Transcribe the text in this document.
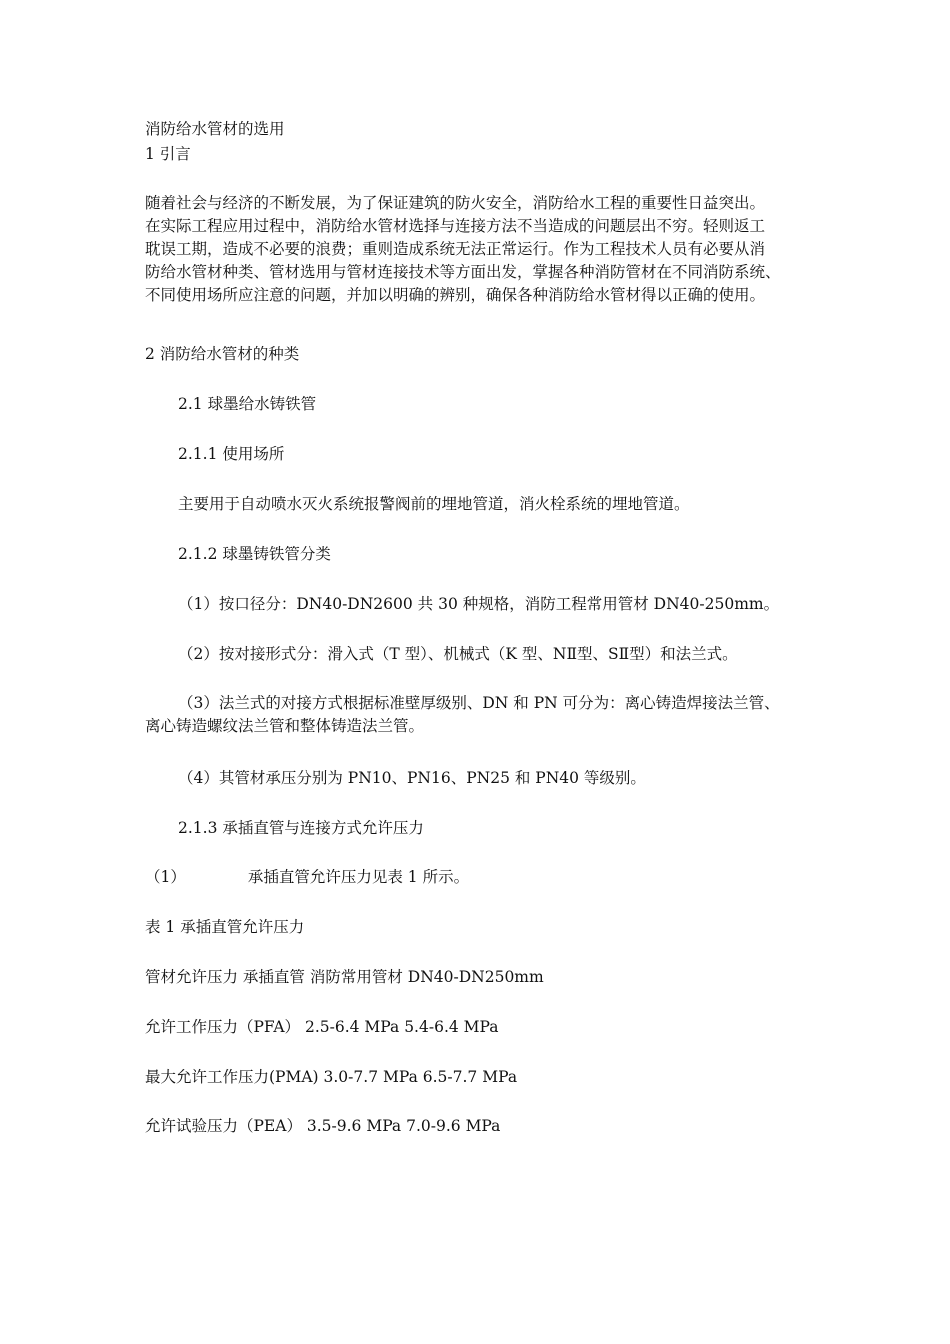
消防给水管材的选用
1 引言
随着社会与经济的不断发展，为了保证建筑的防火安全，消防给水工程的重要性日益突出。
在实际工程应用过程中，消防给水管材选择与连接方法不当造成的问题层出不穷。轻则返工
耽误工期，造成不必要的浪费；重则造成系统无法正常运行。作为工程技术人员有必要从消
防给水管材种类、管材选用与管材连接技术等方面出发，掌握各种消防管材在不同消防系统、
不同使用场所应注意的问题，并加以明确的辨别，确保各种消防给水管材得以正确的使用。
2 消防给水管材的种类
2.1 球墨给水铸铁管
2.1.1 使用场所
主要用于自动喷水灭火系统报警阀前的埋地管道，消火栓系统的埋地管道。
2.1.2 球墨铸铁管分类
（1）按口径分：DN40-DN2600 共 30 种规格，消防工程常用管材 DN40-250mm。
（2）按对接形式分：滑入式（T 型）、机械式（K 型、NⅡ型、SⅡ型）和法兰式。
（3）法兰式的对接方式根据标准壁厚级别、DN 和 PN 可分为：离心铸造焊接法兰管、
离心铸造螺纹法兰管和整体铸造法兰管。
（4）其管材承压分别为 PN10、PN16、PN25 和 PN40 等级别。
2.1.3 承插直管与连接方式允许压力
（1）	承插直管允许压力见表 1 所示。
表 1 承插直管允许压力
管材允许压力 承插直管 消防常用管材 DN40-DN250mm
允许工作压力（PFA） 2.5-6.4 MPa 5.4-6.4 MPa
最大允许工作压力(PMA) 3.0-7.7 MPa 6.5-7.7 MPa
允许试验压力（PEA） 3.5-9.6 MPa 7.0-9.6 MPa
